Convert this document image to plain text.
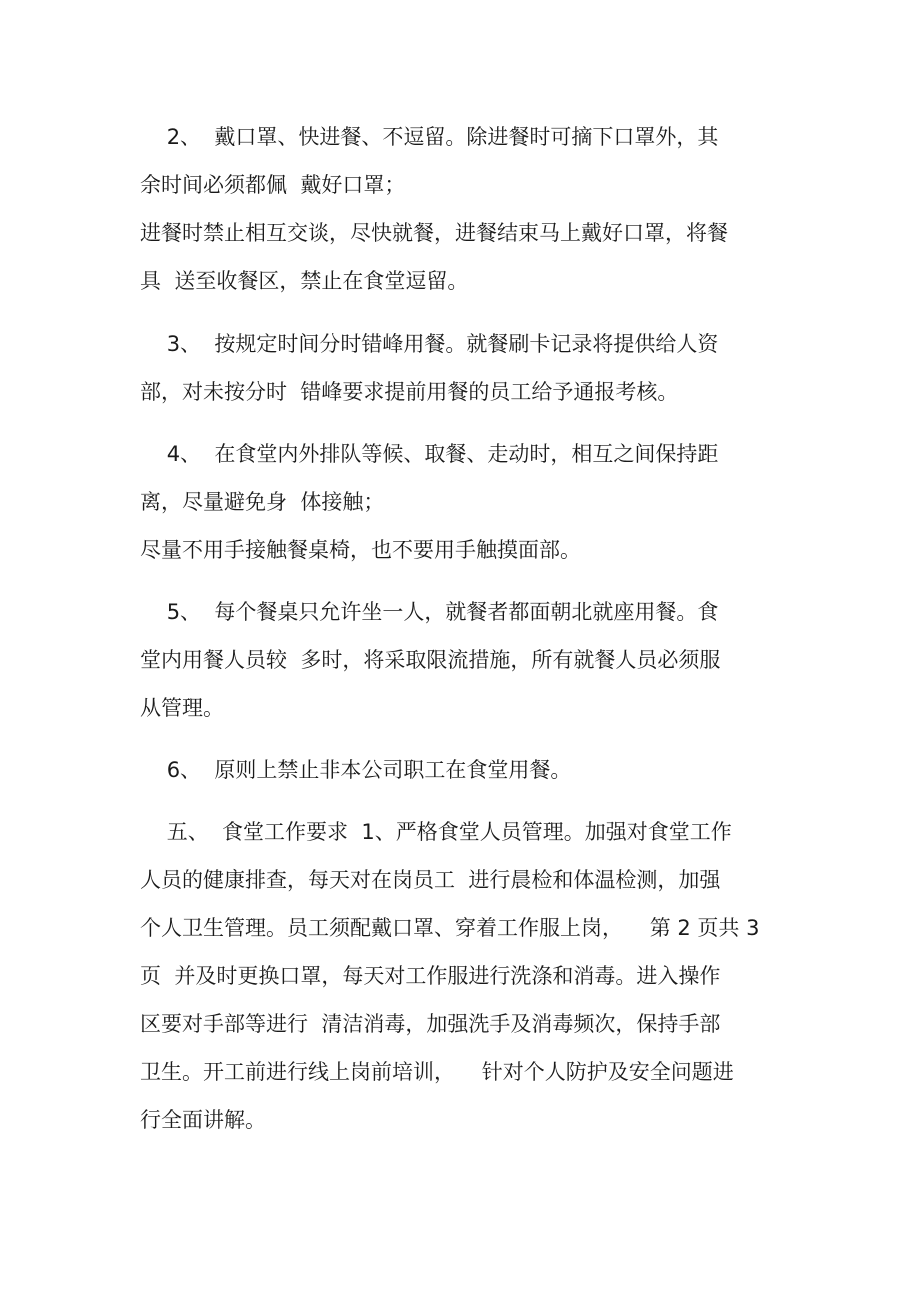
2、  戴口罩、快进餐、不逗留。除进餐时可摘下口罩外，其
余时间必须都佩  戴好口罩；
进餐时禁止相互交谈，尽快就餐，进餐结束马上戴好口罩，将餐
具  送至收餐区，禁止在食堂逗留。
3、  按规定时间分时错峰用餐。就餐刷卡记录将提供给人资
部，对未按分时  错峰要求提前用餐的员工给予通报考核。
4、  在食堂内外排队等候、取餐、走动时，相互之间保持距
离，尽量避免身  体接触；
尽量不用手接触餐桌椅，也不要用手触摸面部。
5、  每个餐桌只允许坐一人，就餐者都面朝北就座用餐。食
堂内用餐人员较  多时，将采取限流措施，所有就餐人员必须服
从管理。
6、  原则上禁止非本公司职工在食堂用餐。
五、  食堂工作要求  1、严格食堂人员管理。加强对食堂工作
人员的健康排查，每天对在岗员工  进行晨检和体温检测，加强
个人卫生管理。员工须配戴口罩、穿着工作服上岗，    第 2 页共 3
页  并及时更换口罩，每天对工作服进行洗涤和消毒。进入操作
区要对手部等进行  清洁消毒，加强洗手及消毒频次，保持手部
卫生。开工前进行线上岗前培训，    针对个人防护及安全问题进
行全面讲解。
